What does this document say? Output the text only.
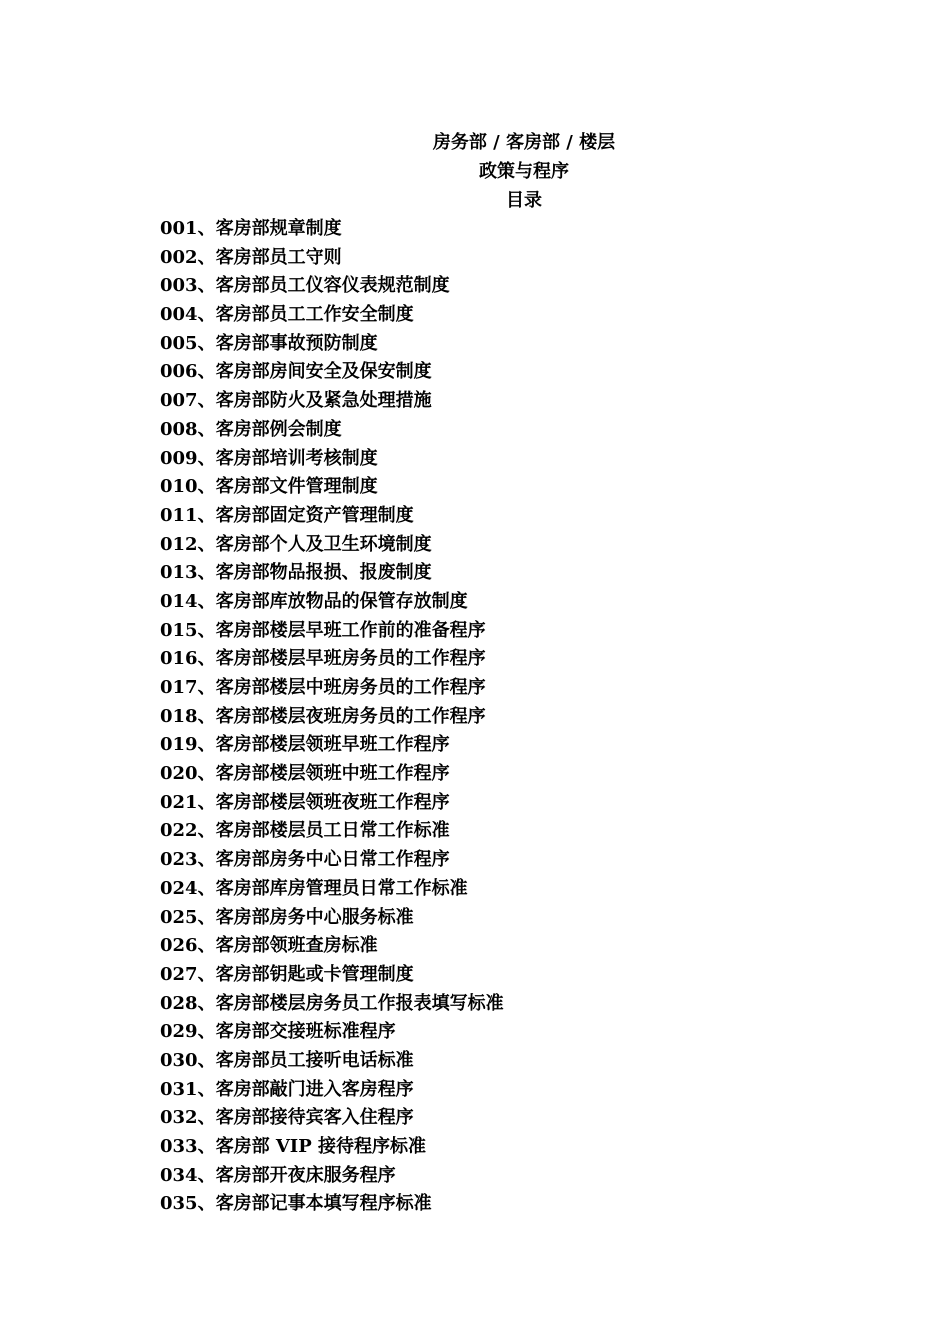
房务部 / 客房部 / 楼层
政策与程序
目录
001、客房部规章制度
002、客房部员工守则
003、客房部员工仪容仪表规范制度
004、客房部员工工作安全制度
005、客房部事故预防制度
006、客房部房间安全及保安制度
007、客房部防火及紧急处理措施
008、客房部例会制度
009、客房部培训考核制度
010、客房部文件管理制度
011、客房部固定资产管理制度
012、客房部个人及卫生环境制度
013、客房部物品报损、报废制度
014、客房部库放物品的保管存放制度
015、客房部楼层早班工作前的准备程序
016、客房部楼层早班房务员的工作程序
017、客房部楼层中班房务员的工作程序
018、客房部楼层夜班房务员的工作程序
019、客房部楼层领班早班工作程序
020、客房部楼层领班中班工作程序
021、客房部楼层领班夜班工作程序
022、客房部楼层员工日常工作标准
023、客房部房务中心日常工作程序
024、客房部库房管理员日常工作标准
025、客房部房务中心服务标准
026、客房部领班查房标准
027、客房部钥匙或卡管理制度
028、客房部楼层房务员工作报表填写标准
029、客房部交接班标准程序
030、客房部员工接听电话标准
031、客房部敲门进入客房程序
032、客房部接待宾客入住程序
033、客房部 VIP 接待程序标准
034、客房部开夜床服务程序
035、客房部记事本填写程序标准
